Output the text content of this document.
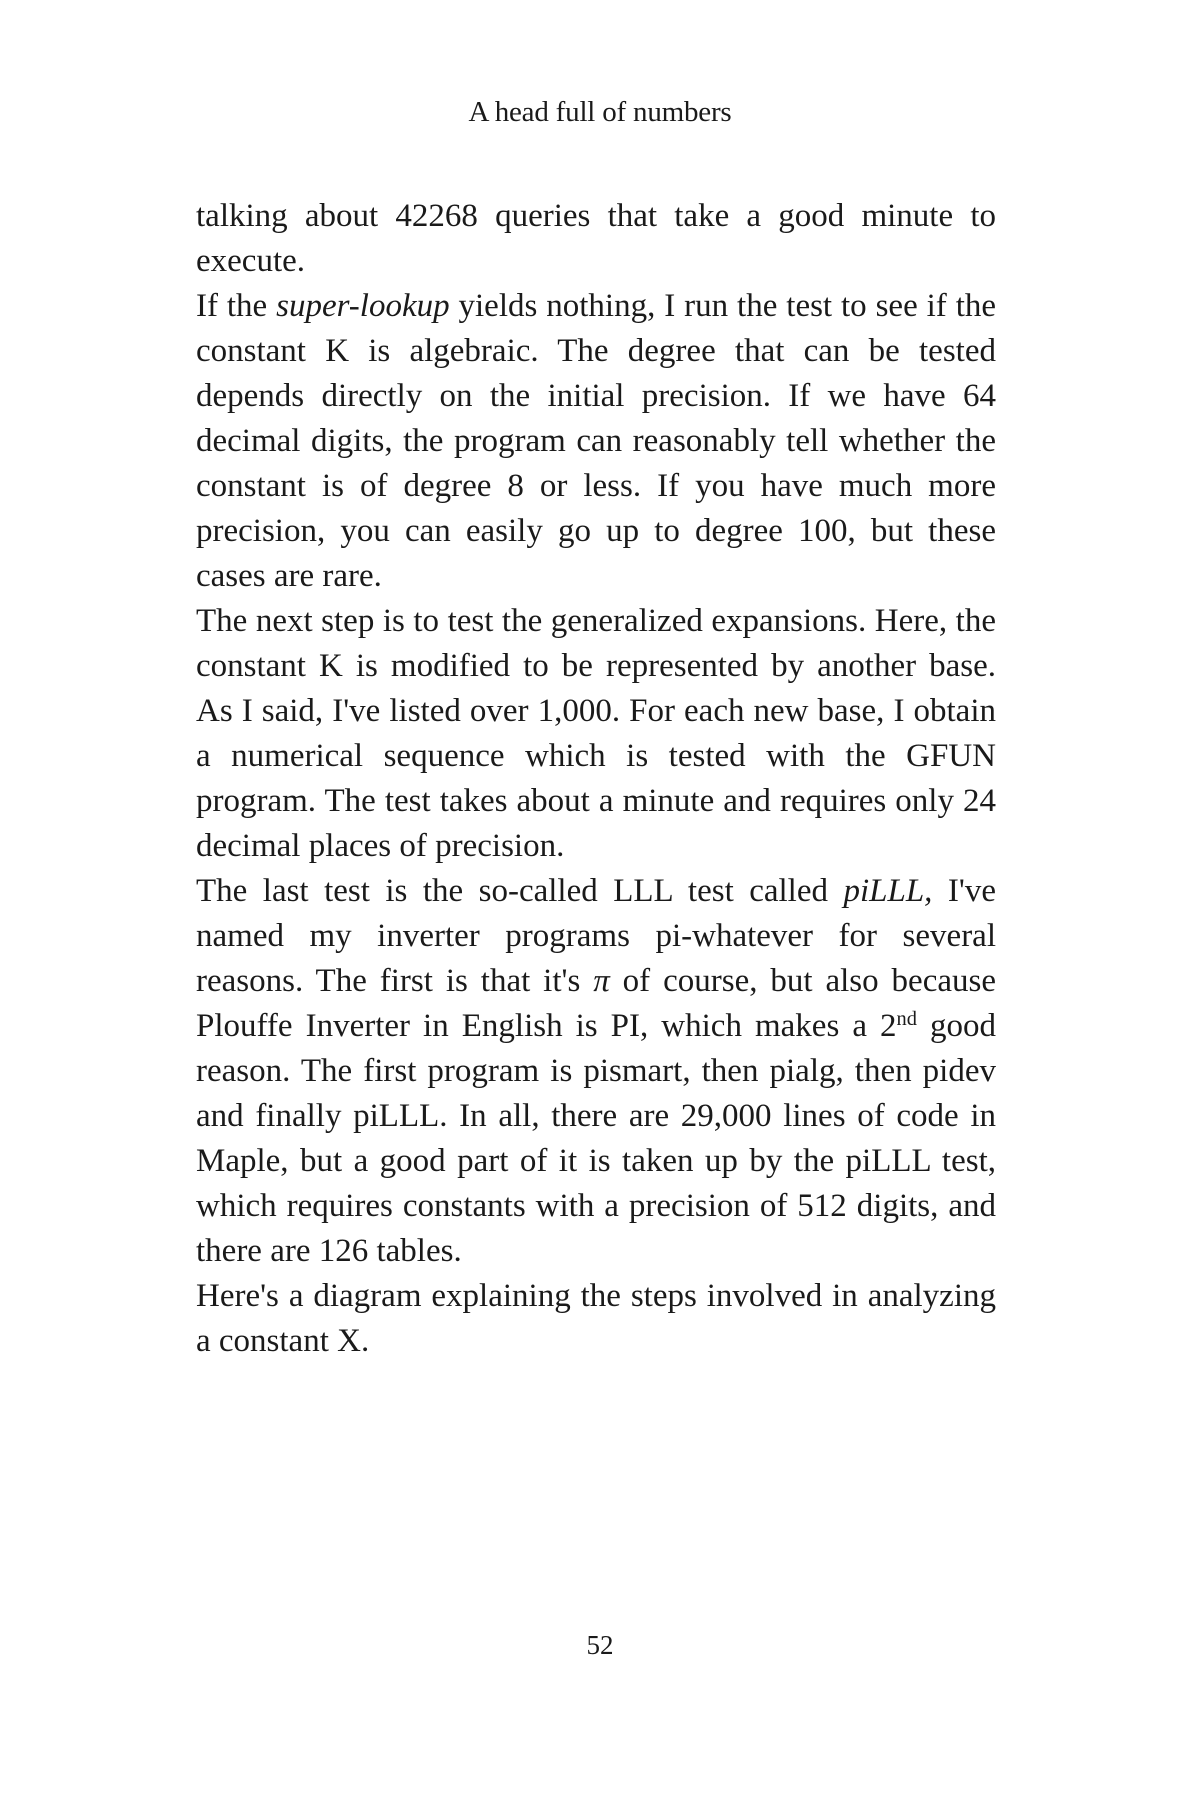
A head full of numbers

talking about 42268 queries that take a good minute to execute.

If the super-lookup yields nothing, I run the test to see if the constant K is algebraic. The degree that can be tested depends directly on the initial precision. If we have 64 decimal digits, the program can reasonably tell whether the constant is of degree 8 or less. If you have much more precision, you can easily go up to degree 100, but these cases are rare.

The next step is to test the generalized expansions. Here, the constant K is modified to be represented by another base. As I said, I've listed over 1,000. For each new base, I obtain a numerical sequence which is tested with the GFUN program. The test takes about a minute and requires only 24 decimal places of precision.

The last test is the so-called LLL test called piLLL, I've named my inverter programs pi-whatever for several reasons. The first is that it's π of course, but also because Plouffe Inverter in English is PI, which makes a 2nd good reason. The first program is pismart, then pialg, then pidev and finally piLLL. In all, there are 29,000 lines of code in Maple, but a good part of it is taken up by the piLLL test, which requires constants with a precision of 512 digits, and there are 126 tables.

Here's a diagram explaining the steps involved in analyzing a constant X.

52
